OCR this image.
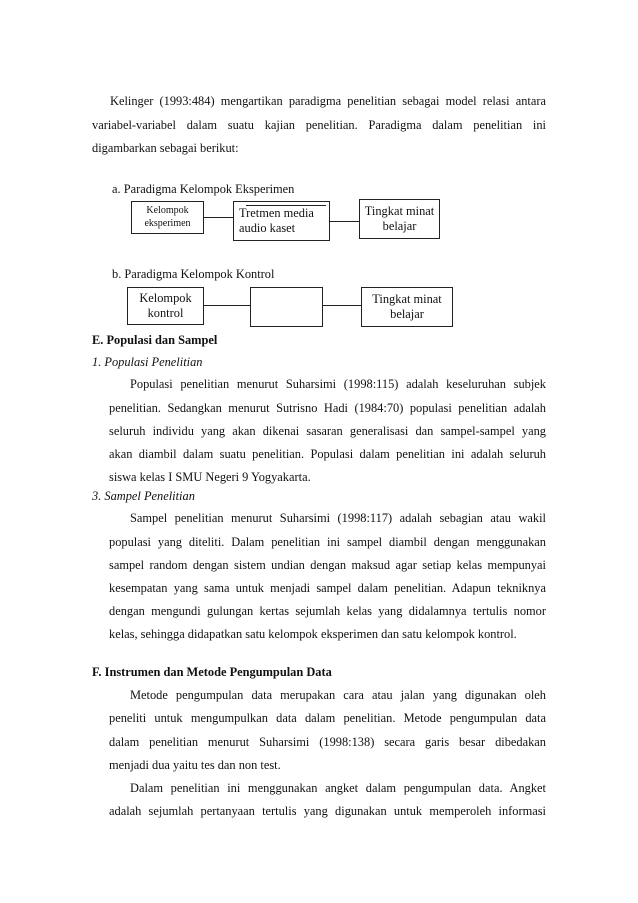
Kelinger (1993:484) mengartikan paradigma penelitian sebagai model relasi antara
variabel-variabel dalam suatu kajian penelitian. Paradigma dalam penelitian ini
digambarkan sebagai berikut:
a. Paradigma Kelompok Eksperimen
Kelompok
eksperimen
Tretmen media
audio kaset
Tingkat minat
belajar
b. Paradigma Kelompok Kontrol
Kelompok
kontrol
Tingkat minat
belajar
E. Populasi dan Sampel
1. Populasi Penelitian
Populasi penelitian menurut Suharsimi (1998:115) adalah keseluruhan subjek
penelitian. Sedangkan menurut Sutrisno Hadi (1984:70) populasi penelitian adalah
seluruh individu yang akan dikenai sasaran generalisasi dan sampel-sampel yang
akan diambil dalam suatu penelitian. Populasi dalam penelitian ini adalah seluruh
siswa kelas I SMU Negeri 9 Yogyakarta.
3. Sampel Penelitian
Sampel penelitian menurut Suharsimi (1998:117) adalah sebagian atau wakil
populasi yang diteliti. Dalam penelitian ini sampel diambil dengan menggunakan
sampel random dengan sistem undian dengan maksud agar setiap kelas mempunyai
kesempatan yang sama untuk menjadi sampel dalam penelitian. Adapun tekniknya
dengan mengundi gulungan kertas sejumlah kelas yang didalamnya tertulis nomor
kelas, sehingga didapatkan satu kelompok eksperimen dan satu kelompok kontrol.
F. Instrumen dan Metode Pengumpulan Data
Metode pengumpulan data merupakan cara atau jalan yang digunakan oleh
peneliti untuk mengumpulkan data dalam penelitian. Metode pengumpulan data
dalam penelitian menurut Suharsimi (1998:138) secara garis besar dibedakan
menjadi dua yaitu tes dan non test.
Dalam penelitian ini menggunakan angket dalam pengumpulan data. Angket
adalah sejumlah pertanyaan tertulis yang digunakan untuk memperoleh informasi
